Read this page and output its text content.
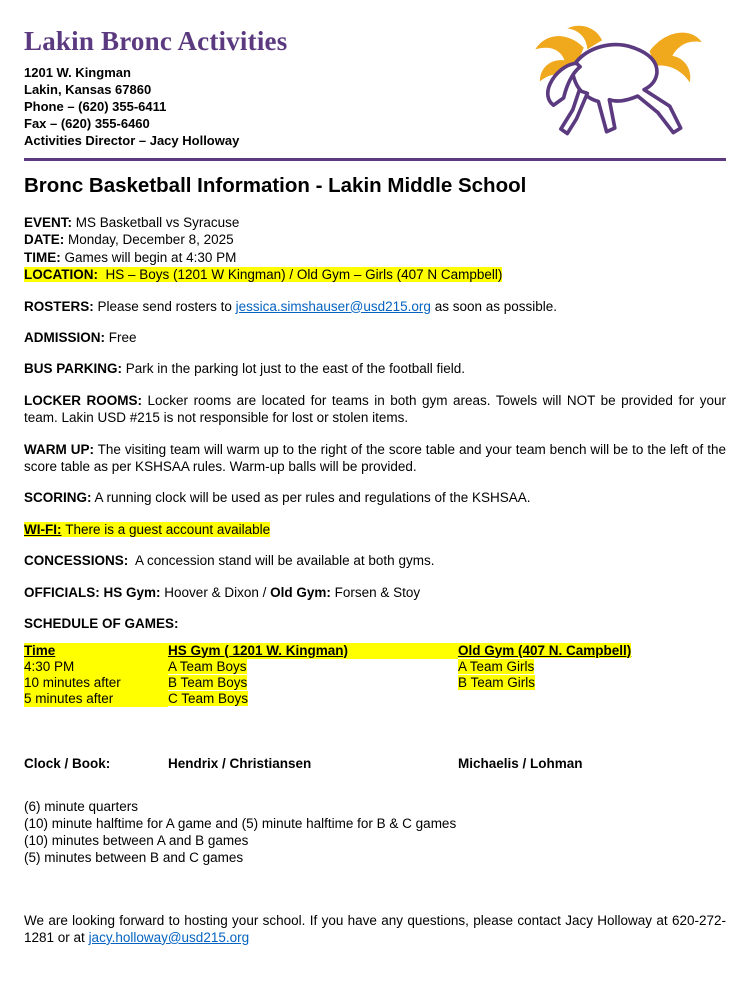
Lakin Bronc Activities
1201 W. Kingman
Lakin, Kansas 67860
Phone – (620) 355-6411
Fax – (620) 355-6460
Activities Director – Jacy Holloway
Bronc Basketball Information - Lakin Middle School
EVENT: MS Basketball vs Syracuse
DATE: Monday, December 8, 2025
TIME: Games will begin at 4:30 PM
LOCATION: HS – Boys (1201 W Kingman) / Old Gym – Girls (407 N Campbell)

ROSTERS: Please send rosters to jessica.simshauser@usd215.org as soon as possible.

ADMISSION: Free

BUS PARKING: Park in the parking lot just to the east of the football field.

LOCKER ROOMS: Locker rooms are located for teams in both gym areas. Towels will NOT be provided for your team. Lakin USD #215 is not responsible for lost or stolen items.

WARM UP: The visiting team will warm up to the right of the score table and your team bench will be to the left of the score table as per KSHSAA rules. Warm-up balls will be provided.

SCORING: A running clock will be used as per rules and regulations of the KSHSAA.

WI-FI: There is a guest account available

CONCESSIONS: A concession stand will be available at both gyms.

OFFICIALS: HS Gym: Hoover & Dixon / Old Gym: Forsen & Stoy

SCHEDULE OF GAMES:

Time	HS Gym ( 1201 W. Kingman)	Old Gym (407 N. Campbell)
4:30 PM	A Team Boys	A Team Girls
10 minutes after	B Team Boys	B Team Girls
5 minutes after	C Team Boys
Clock / Book:	Hendrix / Christiansen	Michaelis / Lohman
(6) minute quarters
(10) minute halftime for A game and (5) minute halftime for B & C games
(10) minutes between A and B games
(5) minutes between B and C games

We are looking forward to hosting your school. If you have any questions, please contact Jacy Holloway at 620-272-1281 or at jacy.holloway@usd215.org
